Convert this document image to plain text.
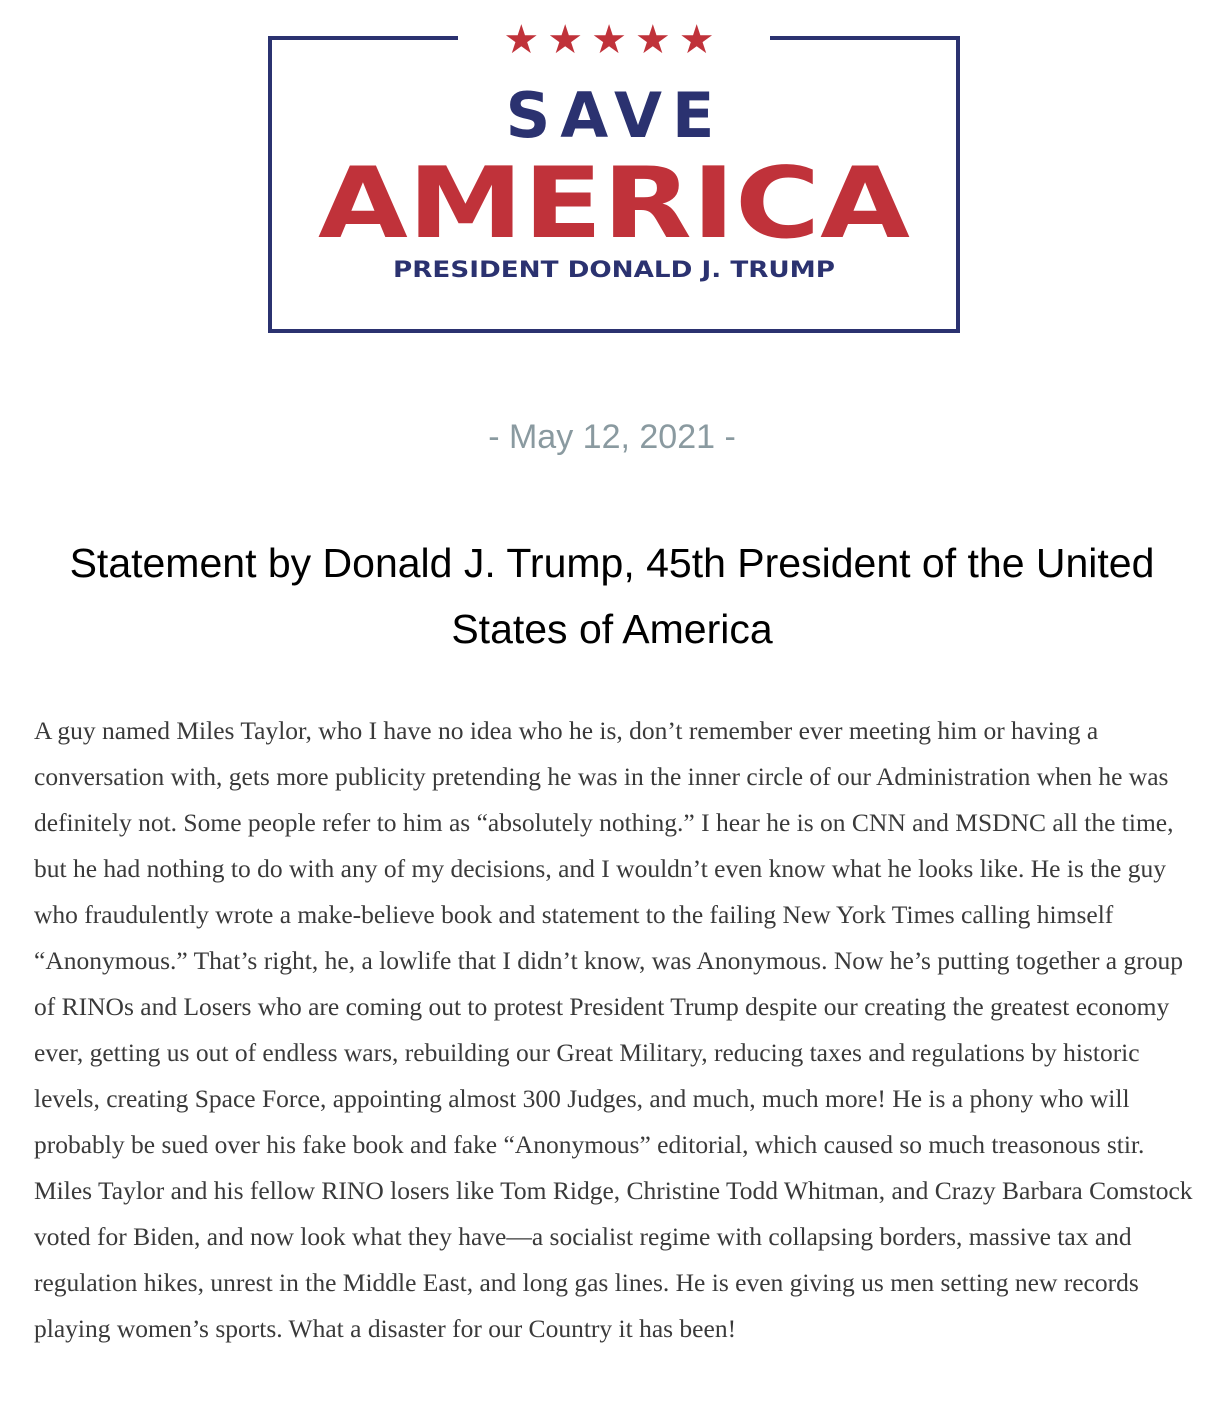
★★★★★
SAVE
AMERICA
PRESIDENT DONALD J. TRUMP
- May 12, 2021 -
Statement by Donald J. Trump, 45th President of the United States of America

A guy named Miles Taylor, who I have no idea who he is, don’t remember ever meeting him or having a conversation with, gets more publicity pretending he was in the inner circle of our Administration when he was definitely not. Some people refer to him as “absolutely nothing.” I hear he is on CNN and MSDNC all the time, but he had nothing to do with any of my decisions, and I wouldn’t even know what he looks like. He is the guy who fraudulently wrote a make-believe book and statement to the failing New York Times calling himself “Anonymous.” That’s right, he, a lowlife that I didn’t know, was Anonymous. Now he’s putting together a group of RINOs and Losers who are coming out to protest President Trump despite our creating the greatest economy ever, getting us out of endless wars, rebuilding our Great Military, reducing taxes and regulations by historic levels, creating Space Force, appointing almost 300 Judges, and much, much more! He is a phony who will probably be sued over his fake book and fake “Anonymous” editorial, which caused so much treasonous stir. Miles Taylor and his fellow RINO losers like Tom Ridge, Christine Todd Whitman, and Crazy Barbara Comstock voted for Biden, and now look what they have—a socialist regime with collapsing borders, massive tax and regulation hikes, unrest in the Middle East, and long gas lines. He is even giving us men setting new records playing women’s sports. What a disaster for our Country it has been!
